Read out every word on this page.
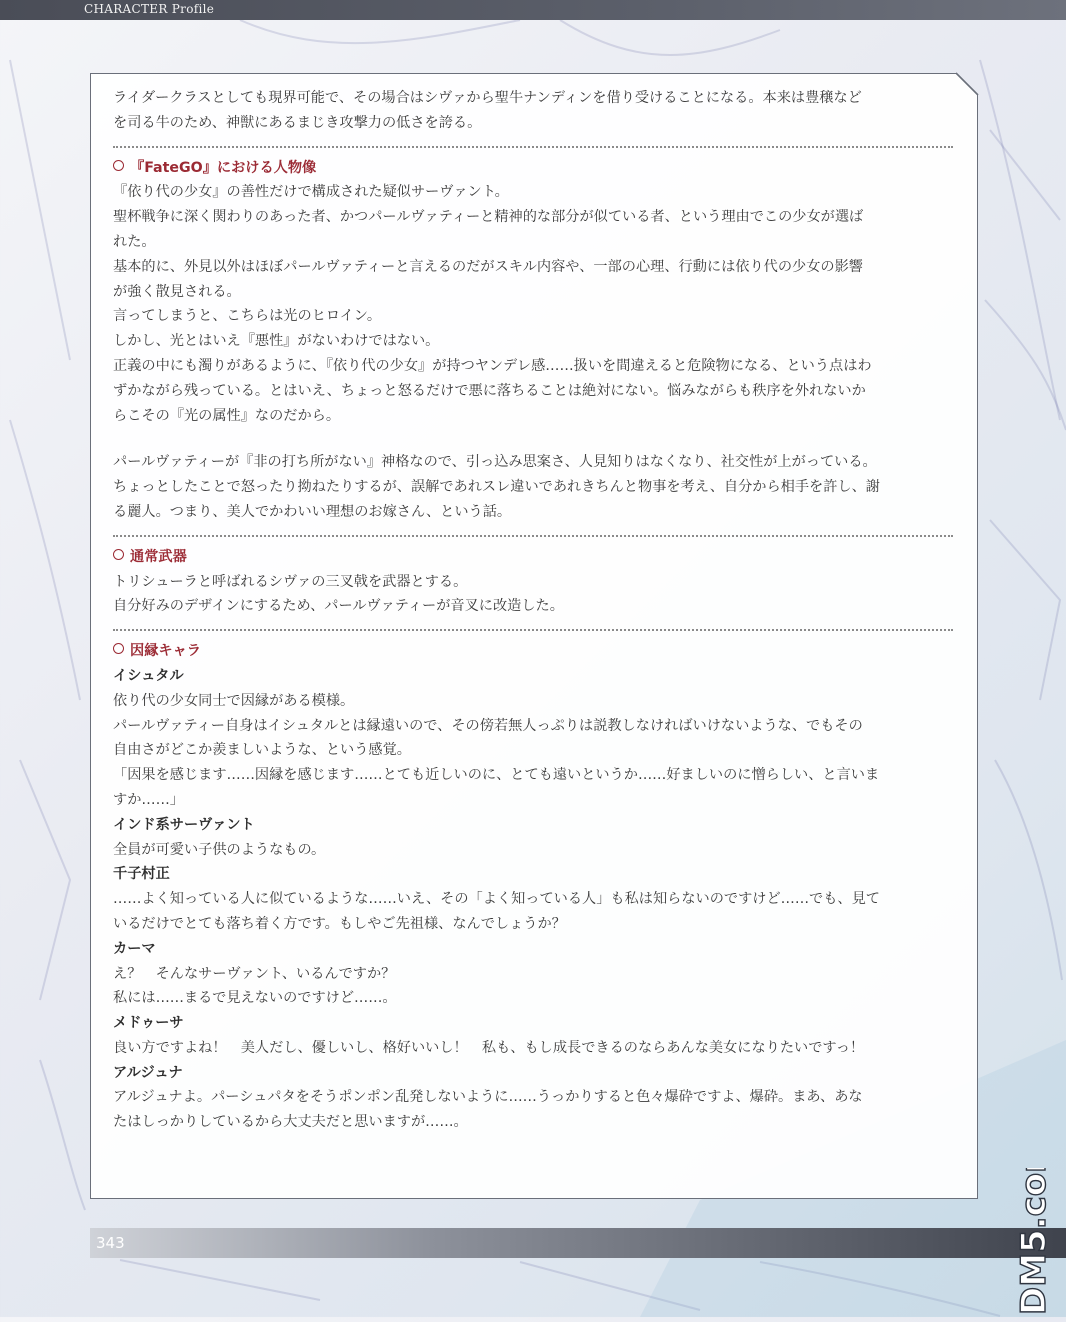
CHARACTER Profile

ライダークラスとしても現界可能で、その場合はシヴァから聖牛ナンディンを借り受けることになる。本来は豊穣など

を司る牛のため、神獣にあるまじき攻撃力の低さを誇る。

『FateGO』における人物像

『依り代の少女』の善性だけで構成された疑似サーヴァント。

聖杯戦争に深く関わりのあった者、かつパールヴァティーと精神的な部分が似ている者、という理由でこの少女が選ば

れた。

基本的に、外見以外はほぼパールヴァティーと言えるのだがスキル内容や、一部の心理、行動には依り代の少女の影響

が強く散見される。

言ってしまうと、こちらは光のヒロイン。

しかし、光とはいえ『悪性』がないわけではない。

正義の中にも濁りがあるように、『依り代の少女』が持つヤンデレ感……扱いを間違えると危険物になる、という点はわ

ずかながら残っている。とはいえ、ちょっと怒るだけで悪に落ちることは絶対にない。悩みながらも秩序を外れないか

らこその『光の属性』なのだから。

パールヴァティーが『非の打ち所がない』神格なので、引っ込み思案さ、人見知りはなくなり、社交性が上がっている。

ちょっとしたことで怒ったり拗ねたりするが、誤解であれスレ違いであれきちんと物事を考え、自分から相手を許し、謝

る麗人。つまり、美人でかわいい理想のお嫁さん、という話。

通常武器

トリシューラと呼ばれるシヴァの三叉戟を武器とする。

自分好みのデザインにするため、パールヴァティーが音叉に改造した。

因縁キャラ

イシュタル

依り代の少女同士で因縁がある模様。

パールヴァティー自身はイシュタルとは縁遠いので、その傍若無人っぷりは説教しなければいけないような、でもその

自由さがどこか羨ましいような、という感覚。

「因果を感じます……因縁を感じます……とても近しいのに、とても遠いというか……好ましいのに憎らしい、と言いま

すか……」

インド系サーヴァント

全員が可愛い子供のようなもの。

千子村正

……よく知っている人に似ているような……いえ、その「よく知っている人」も私は知らないのですけど……でも、見て

いるだけでとても落ち着く方です。もしやご先祖様、なんでしょうか？

カーマ

え？　そんなサーヴァント、いるんですか？

私には……まるで見えないのですけど……。

メドゥーサ

良い方ですよね！　美人だし、優しいし、格好いいし！　私も、もし成長できるのならあんな美女になりたいですっ！

アルジュナ

アルジュナよ。パーシュパタをそうポンポン乱発しないように……うっかりすると色々爆砕ですよ、爆砕。まあ、あな

たはしっかりしているから大丈夫だと思いますが……。

343	DM5.com
